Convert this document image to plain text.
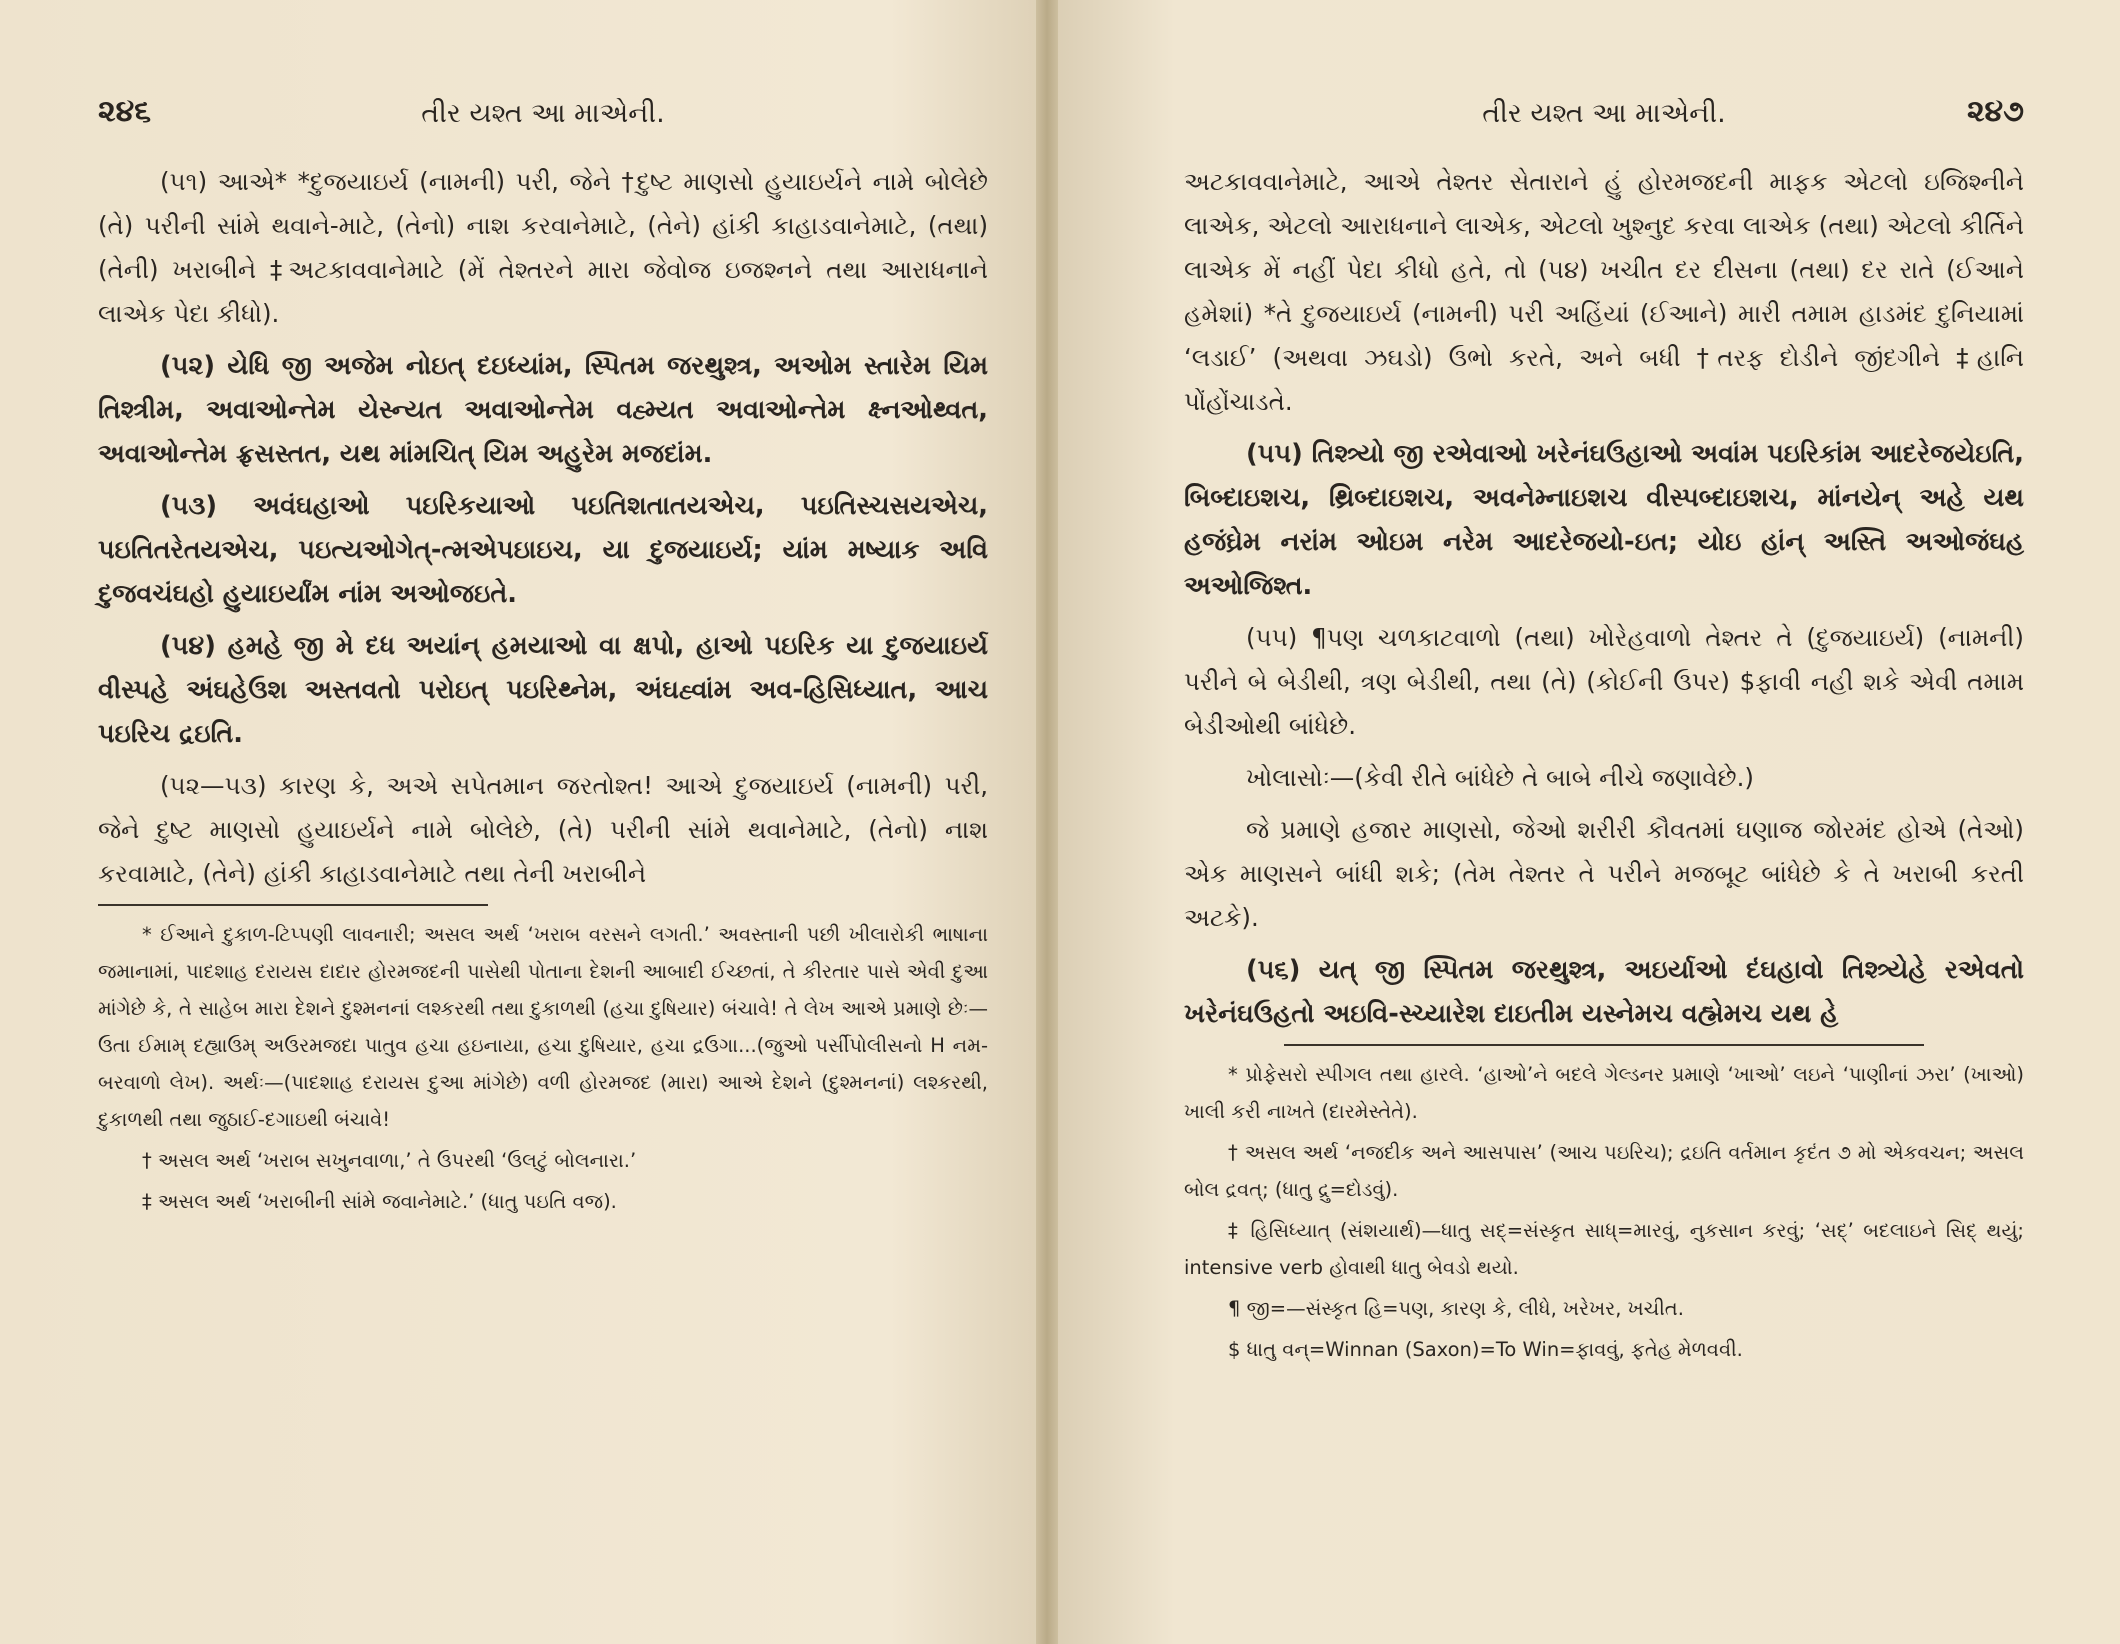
૨૪૬	તીર યશ્ત આ માએની.

(૫૧) આએ* *દુજયાઇર્ય (નામની) પરી, જેને †દુષ્ટ માણસો હુયાઇર્યને નામે બોલેછે (તે) પરીની સાંમે થવાને-માટે, (તેનો) નાશ કરવાનેમાટે, (તેને) હાંકી કાહાડવાનેમાટે, (તથા) (તેની) ખરાબીને ‡અટકાવવાનેમાટે (મેં તેશ્તરને મારા જેવોજ ઇજશ્નને તથા આરાધનાને લાએક પેદા કીધો).

(૫૨) યેધિ જી અજેમ નોઇત્ દઇધ્યાંમ, સ્પિતમ જરથુશ્ત્ર, અઓમ સ્તારેમ યિમ તિશ્ત્રીમ, અવાઓન્તેમ યેસ્ન્યત અવાઓન્તેમ વહ્મ્યત અવાઓન્તેમ ક્ષ્નઓથ્વત, અવાઓન્તેમ ફ્રસસ્તત, યથ માંમચિત્ યિમ અહુરેમ મજદાંમ.

(૫૩) અવંઘહાઓ પઇરિકયાઓ પઇતિશતાતયએચ, પઇતિસ્ચસયએચ, પઇતિતરેતયએચ, પઇત્યઓગેત્-ત્મએપઇાઇચ, યા દુજયાઇર્ય; યાંમ મષ્યાક અવિ દુજવચંઘહો હુયાઇર્યાંમ નાંમ અઓજઇતે.

(૫૪) હમહે જી મે દધ અયાંન્ હમયાઓ વા ક્ષપો, હાઓ પઇરિક યા દુજયાઇર્ય વીસ્પહે અંઘહેઉશ અસ્તવતો પરોઇત્ પઇરિથ્નેમ, અંઘહ્વાંમ અવ-હિસિધ્યાત, આચ પઇરિચ દ્રઇતિ.

(૫૨—૫૩) કારણ કે, અએ સપેતમાન જરતોશ્ત! આએ દુજયાઇર્ય (નામની) પરી, જેને દુષ્ટ માણસો હુયાઇર્યને નામે બોલેછે, (તે) પરીની સાંમે થવાનેમાટે, (તેનો) નાશ કરવામાટે, (તેને) હાંકી કાહાડવાનેમાટે તથા તેની ખરાબીને

* ઈઆને દુકાળ-ટિપ્પણી લાવનારી; અસલ અર્થ ‘ખરાબ વરસને લગતી.’ અવસ્તાની પછી ખીલારોકી ભાષાના જમાનામાં, પાદશાહ દરાયસ દાદાર હોરમજદની પાસેથી પોતાના દેશની આબાદી ઈચ્છતાં, તે કીરતાર પાસે એવી દુઆ માંગેછે કે, તે સાહેબ મારા દેશને દુશ્મનનાં લશ્કરથી તથા દુકાળથી (હચા દુષિયાર) બંચાવે! તે લેખ આએ પ્રમાણે છેઃ—ઉતા ઈમામ્ દહ્યાઉમ્ અઉરમજદા પાતુવ હચા હઇનાયા, હચા દુષિયાર, હચા દ્રઉગા...(જુઓ પર્સીપોલીસનો H નમ-બરવાળો લેખ). અર્થઃ—(પાદશાહ દરાયસ દુઆ માંગેછે) વળી હોરમજદ (મારા) આએ દેશને (દુશ્મનનાં) લશ્કરથી, દુકાળથી તથા જુઠાઈ-દગાઇથી બંચાવે!

† અસલ અર્થ ‘ખરાબ સખુનવાળા,’ તે ઉપરથી ‘ઉલટું બોલનારા.’

‡ અસલ અર્થ ‘ખરાબીની સાંમે જવાનેમાટે.’ (ધાતુ પઇતિ વજ).

તીર યશ્ત આ માએની.	૨૪૭

અટકાવવાનેમાટે, આએ તેશ્તર સેતારાને હું હોરમજદની માફક એટલો ઇજિશ્નીને લાએક, એટલો આરાધનાને લાએક, એટલો ખુશ્નુદ કરવા લાએક (તથા) એટલો કીર્તિને લાએક મેં નહીં પેદા કીધો હતે, તો (૫૪) ખચીત દર દીસના (તથા) દર રાતે (ઈઆને હમેશાં) *તે દુજયાઇર્ય (નામની) પરી અહિંયાં (ઈઆને) મારી તમામ હાડમંદ દુનિયામાં ‘લડાઈ’ (અથવા ઝઘડો) ઉભો કરતે, અને બધી †તરફ દોડીને જીંદગીને ‡હાનિ પોંહોંચાડતે.

(૫૫) તિશ્ત્ર્યો જી રએવાઓ ખરેનંઘઉહાઓ અવાંમ પઇરિકાંમ આદરેજયેઇતિ, બિબ્દાઇશચ, થ્રિબ્દાઇશચ, અવનેમ્નાઇશચ વીસ્પબ્દાઇશચ, માંનયેન્ અહે યથ હજંઘ્રેમ નરાંમ ઓઇમ નરેમ આદરેજયો-ઇત; યોઇ હાંન્ અસ્તિ અઓજંઘહ અઓજિશ્ત.

(૫૫) ¶પણ ચળકાટવાળો (તથા) ખોરેહવાળો તેશ્તર તે (દુજયાઇર્ય) (નામની) પરીને બે બેડીથી, ત્રણ બેડીથી, તથા (તે) (કોઈની ઉપર) $ફાવી નહી શકે એવી તમામ બેડીઓથી બાંધેછે.

ખોલાસોઃ—(કેવી રીતે બાંધેછે તે બાબે નીચે જણાવેછે.)

જે પ્રમાણે હજાર માણસો, જેઓ શરીરી કૌવતમાં ઘણાજ જોરમંદ હોએ (તેઓ) એક માણસને બાંધી શકે; (તેમ તેશ્તર તે પરીને મજબૂટ બાંધેછે કે તે ખરાબી કરતી અટકે).

(૫૬) યત્ જી સ્પિતમ જરથુશ્ત્ર, અઇર્યાઓ દંઘહાવો તિશ્ત્ર્યેહે રએવતો ખરેનંઘઉહતો અઇવિ-સ્ચ્યારેશ દાઇતીમ યસ્નેમચ વહ્મેમચ યથ હે

* પ્રોફેસરો સ્પીગલ તથા હારલે. ‘હાઓ’ને બદલે ગેલ્ડનર પ્રમાણે ‘ખાઓ’ લઇને ‘પાણીનાં ઝરા’ (ખાઓ) ખાલી કરી નાખતે (દારમેસ્તેતે).

† અસલ અર્થ ‘નજદીક અને આસપાસ’ (આચ પઇરિચ); દ્રઇતિ વર્તમાન કૃદંત ૭ મો એકવચન; અસલ બોલ દ્રવત્; (ધાતુ દ્રુ=દોડવું).

‡ હિસિધ્યાત્ (સંશયાર્થ)—ધાતુ સદ્=સંસ્કૃત સાધ્=મારવું, નુકસાન કરવું; ‘સદ્’ બદલાઇને સિદ્ થયું; intensive verb હોવાથી ધાતુ બેવડો થયો.

¶ જી=—સંસ્કૃત હિ=પણ, કારણ કે, લીધે, ખરેખર, ખચીત.

$ ધાતુ વન્=Winnan (Saxon)=To Win=ફાવવું, ફતેહ મેળવવી.
